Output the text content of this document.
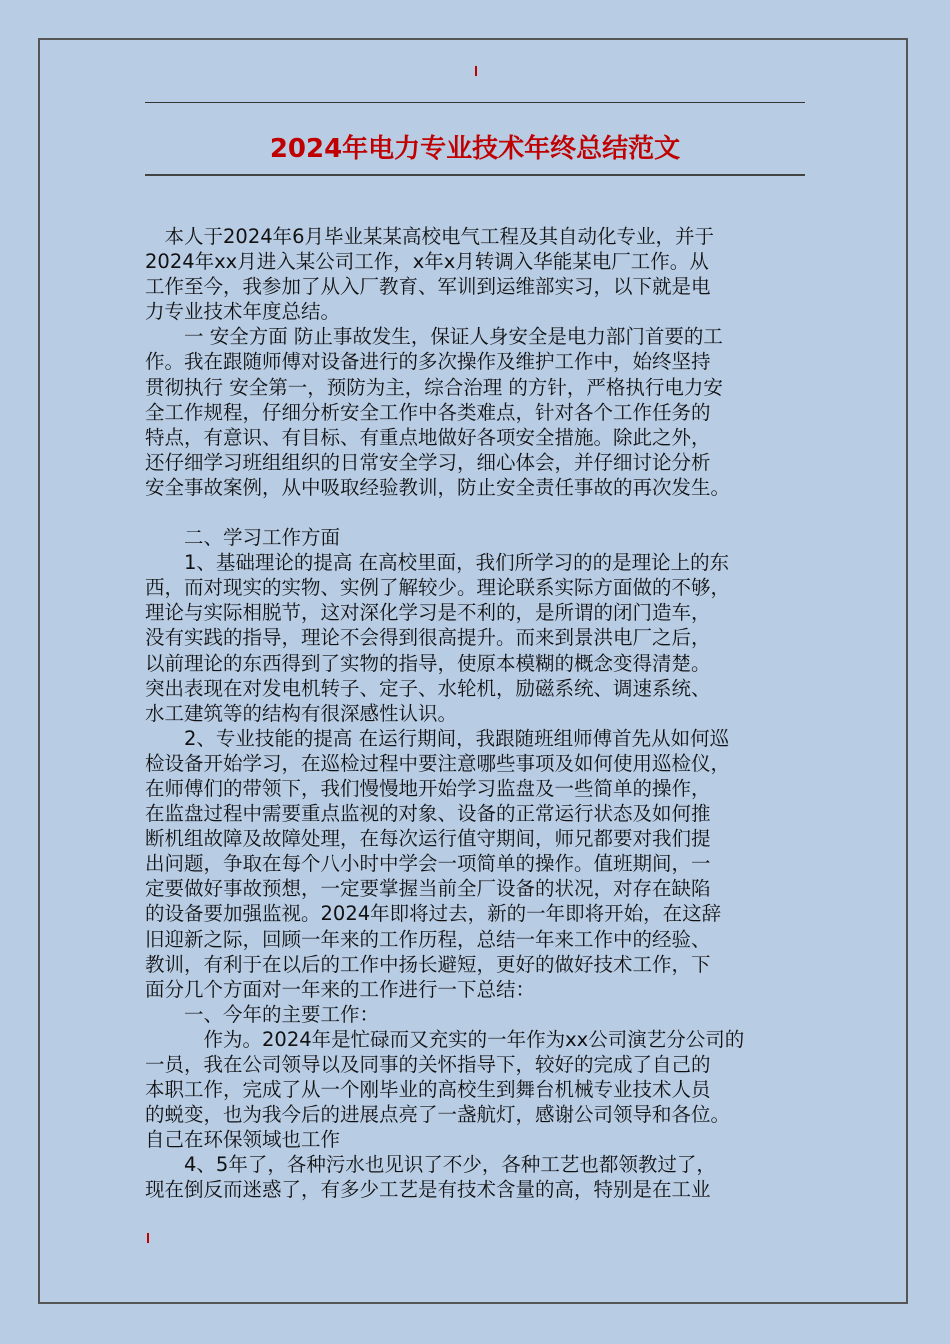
2024年电力专业技术年终总结范文

　本人于2024年6月毕业某某高校电气工程及其自动化专业，并于

2024年xx月进入某公司工作，x年x月转调入华能某电厂工作。从

工作至今，我参加了从入厂教育、军训到运维部实习，以下就是电

力专业技术年度总结。

　　一 安全方面 防止事故发生，保证人身安全是电力部门首要的工

作。我在跟随师傅对设备进行的多次操作及维护工作中，始终坚持

贯彻执行 安全第一，预防为主，综合治理 的方针，严格执行电力安

全工作规程，仔细分析安全工作中各类难点，针对各个工作任务的

特点，有意识、有目标、有重点地做好各项安全措施。除此之外，

还仔细学习班组组织的日常安全学习，细心体会，并仔细讨论分析

安全事故案例，从中吸取经验教训，防止安全责任事故的再次发生。

　　二、学习工作方面

　　1、基础理论的提高 在高校里面，我们所学习的的是理论上的东

西，而对现实的实物、实例了解较少。理论联系实际方面做的不够，

理论与实际相脱节，这对深化学习是不利的，是所谓的闭门造车，

没有实践的指导，理论不会得到很高提升。而来到景洪电厂之后，

以前理论的东西得到了实物的指导，使原本模糊的概念变得清楚。

突出表现在对发电机转子、定子、水轮机，励磁系统、调速系统、

水工建筑等的结构有很深感性认识。

　　2、专业技能的提高 在运行期间，我跟随班组师傅首先从如何巡

检设备开始学习，在巡检过程中要注意哪些事项及如何使用巡检仪，

在师傅们的带领下，我们慢慢地开始学习监盘及一些简单的操作，

在监盘过程中需要重点监视的对象、设备的正常运行状态及如何推

断机组故障及故障处理，在每次运行值守期间，师兄都要对我们提

出问题，争取在每个八小时中学会一项简单的操作。值班期间，一

定要做好事故预想，一定要掌握当前全厂设备的状况，对存在缺陷

的设备要加强监视。2024年即将过去，新的一年即将开始，在这辞

旧迎新之际，回顾一年来的工作历程，总结一年来工作中的经验、

教训，有利于在以后的工作中扬长避短，更好的做好技术工作，下

面分几个方面对一年来的工作进行一下总结：

　　一、今年的主要工作：

　　　作为。2024年是忙碌而又充实的一年作为xx公司演艺分公司的

一员，我在公司领导以及同事的关怀指导下，较好的完成了自己的

本职工作，完成了从一个刚毕业的高校生到舞台机械专业技术人员

的蜕变，也为我今后的进展点亮了一盏航灯，感谢公司领导和各位。

自己在环保领域也工作

　　4、5年了，各种污水也见识了不少，各种工艺也都领教过了，

现在倒反而迷惑了，有多少工艺是有技术含量的高，特别是在工业
